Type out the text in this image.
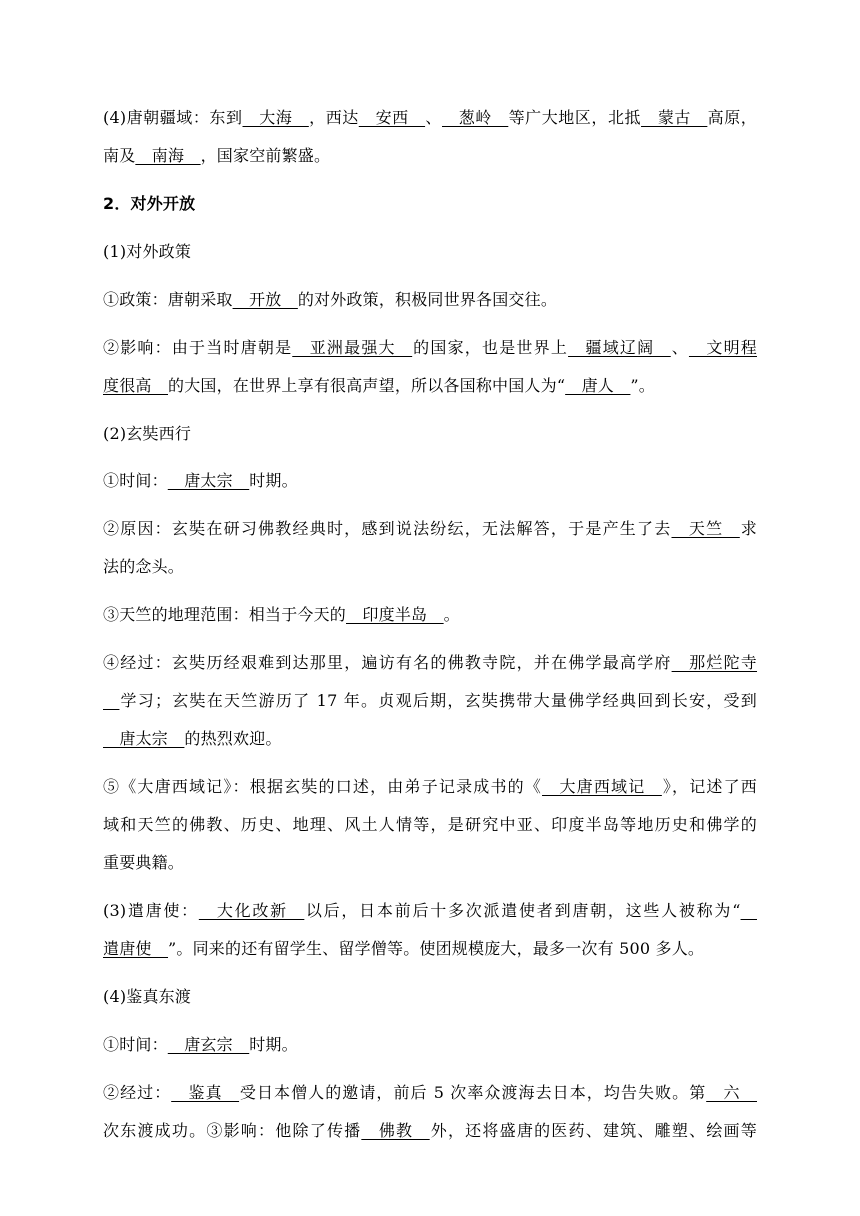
(4)唐朝疆域：东到__大海__，西达__安西__、__葱岭__等广大地区，北抵__蒙古__高原，
南及__南海__，国家空前繁盛。
2．对外开放
(1)对外政策
①政策：唐朝采取__开放__的对外政策，积极同世界各国交往。
②影响：由于当时唐朝是__亚洲最强大__的国家，也是世界上__疆域辽阔__、__文明程
度很高__的大国，在世界上享有很高声望，所以各国称中国人为“__唐人__”。
(2)玄奘西行
①时间：__唐太宗__时期。
②原因：玄奘在研习佛教经典时，感到说法纷纭，无法解答，于是产生了去__天竺__求
法的念头。
③天竺的地理范围：相当于今天的__印度半岛__。
④经过：玄奘历经艰难到达那里，遍访有名的佛教寺院，并在佛学最高学府__那烂陀寺
__学习；玄奘在天竺游历了 17 年。贞观后期，玄奘携带大量佛学经典回到长安，受到
__唐太宗__的热烈欢迎。
⑤《大唐西域记》：根据玄奘的口述，由弟子记录成书的《__大唐西域记__》，记述了西
域和天竺的佛教、历史、地理、风土人情等，是研究中亚、印度半岛等地历史和佛学的
重要典籍。
(3)遣唐使：__大化改新__以后，日本前后十多次派遣使者到唐朝，这些人被称为“__
遣唐使__”。同来的还有留学生、留学僧等。使团规模庞大，最多一次有 500 多人。
(4)鉴真东渡
①时间：__唐玄宗__时期。
②经过：__鉴真__受日本僧人的邀请，前后 5 次率众渡海去日本，均告失败。第__六__
次东渡成功。③影响：他除了传播__佛教__外，还将盛唐的医药、建筑、雕塑、绘画等
